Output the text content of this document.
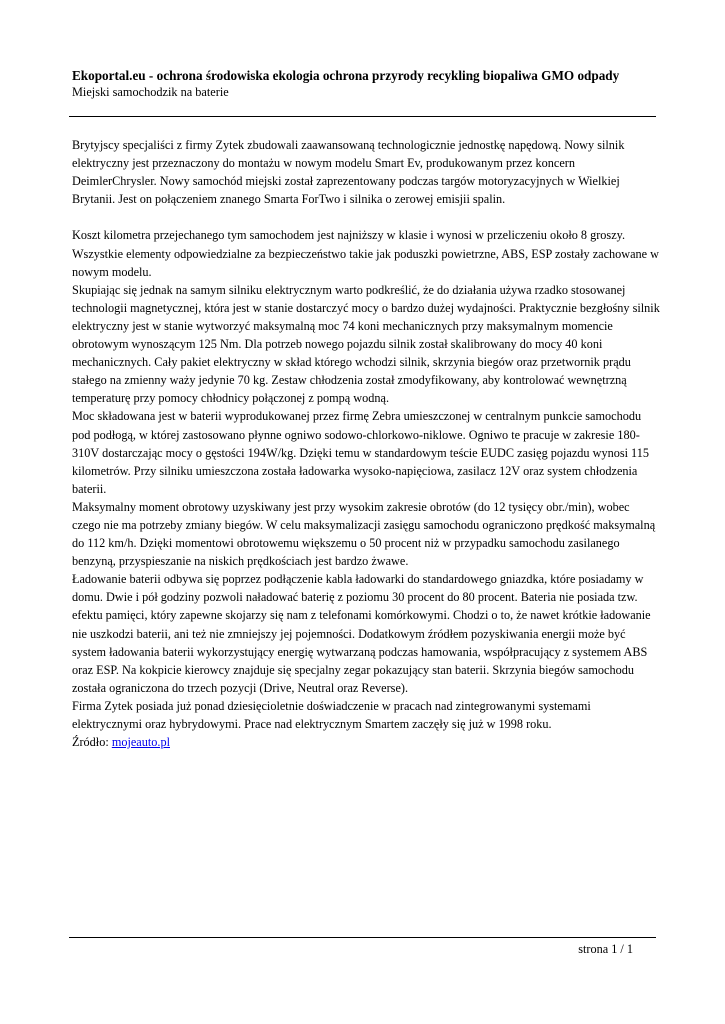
Ekoportal.eu - ochrona środowiska ekologia ochrona przyrody recykling biopaliwa GMO odpady

Miejski samochodzik na baterie

Brytyjscy specjaliści z firmy Zytek zbudowali zaawansowaną technologicznie jednostkę napędową. Nowy silnik elektryczny jest przeznaczony do montażu w nowym modelu Smart Ev, produkowanym przez koncern DeimlerChrysler. Nowy samochód miejski został zaprezentowany podczas targów motoryzacyjnych w Wielkiej Brytanii. Jest on połączeniem znanego Smarta ForTwo i silnika o zerowej emisjii spalin.

Koszt kilometra przejechanego tym samochodem jest najniższy w klasie i wynosi w przeliczeniu około 8 groszy. Wszystkie elementy odpowiedzialne za bezpieczeństwo takie jak poduszki powietrzne, ABS, ESP zostały zachowane w nowym modelu.

Skupiając się jednak na samym silniku elektrycznym warto podkreślić, że do działania używa rzadko stosowanej technologii magnetycznej, która jest w stanie dostarczyć mocy o bardzo dużej wydajności. Praktycznie bezgłośny silnik elektryczny jest w stanie wytworzyć maksymalną moc 74 koni mechanicznych przy maksymalnym momencie obrotowym wynoszącym 125 Nm. Dla potrzeb nowego pojazdu silnik został skalibrowany do mocy 40 koni mechanicznych. Cały pakiet elektryczny w skład którego wchodzi silnik, skrzynia biegów oraz przetwornik prądu stałego na zmienny waży jedynie 70 kg. Zestaw chłodzenia został zmodyfikowany, aby kontrolować wewnętrzną temperaturę przy pomocy chłodnicy połączonej z pompą wodną.

Moc składowana jest w baterii wyprodukowanej przez firmę Zebra umieszczonej w centralnym punkcie samochodu pod podłogą, w której zastosowano płynne ogniwo sodowo-chlorkowo-niklowe. Ogniwo te pracuje w zakresie 180-310V dostarczając mocy o gęstości 194W/kg. Dzięki temu w standardowym teście EUDC zasięg pojazdu wynosi 115 kilometrów. Przy silniku umieszczona została ładowarka wysoko-napięciowa, zasilacz 12V oraz system chłodzenia baterii.

Maksymalny moment obrotowy uzyskiwany jest przy wysokim zakresie obrotów (do 12 tysięcy obr./min), wobec czego nie ma potrzeby zmiany biegów. W celu maksymalizacji zasięgu samochodu ograniczono prędkość maksymalną do 112 km/h. Dzięki momentowi obrotowemu większemu o 50 procent niż w przypadku samochodu zasilanego benzyną, przyspieszanie na niskich prędkościach jest bardzo żwawe.

Ładowanie baterii odbywa się poprzez podłączenie kabla ładowarki do standardowego gniazdka, które posiadamy w domu. Dwie i pół godziny pozwoli naładować baterię z poziomu 30 procent do 80 procent. Bateria nie posiada tzw. efektu pamięci, który zapewne skojarzy się nam z telefonami komórkowymi. Chodzi o to, że nawet krótkie ładowanie nie uszkodzi baterii, ani też nie zmniejszy jej pojemności. Dodatkowym źródłem pozyskiwania energii może być system ładowania baterii wykorzystujący energię wytwarzaną podczas hamowania, współpracujący z systemem ABS oraz ESP. Na kokpicie kierowcy znajduje się specjalny zegar pokazujący stan baterii. Skrzynia biegów samochodu została ograniczona do trzech pozycji (Drive, Neutral oraz Reverse).

Firma Zytek posiada już ponad dziesięcioletnie doświadczenie w pracach nad zintegrowanymi systemami elektrycznymi oraz hybrydowymi. Prace nad elektrycznym Smartem zaczęły się już w 1998 roku.

Źródło: mojeauto.pl

strona 1 / 1
